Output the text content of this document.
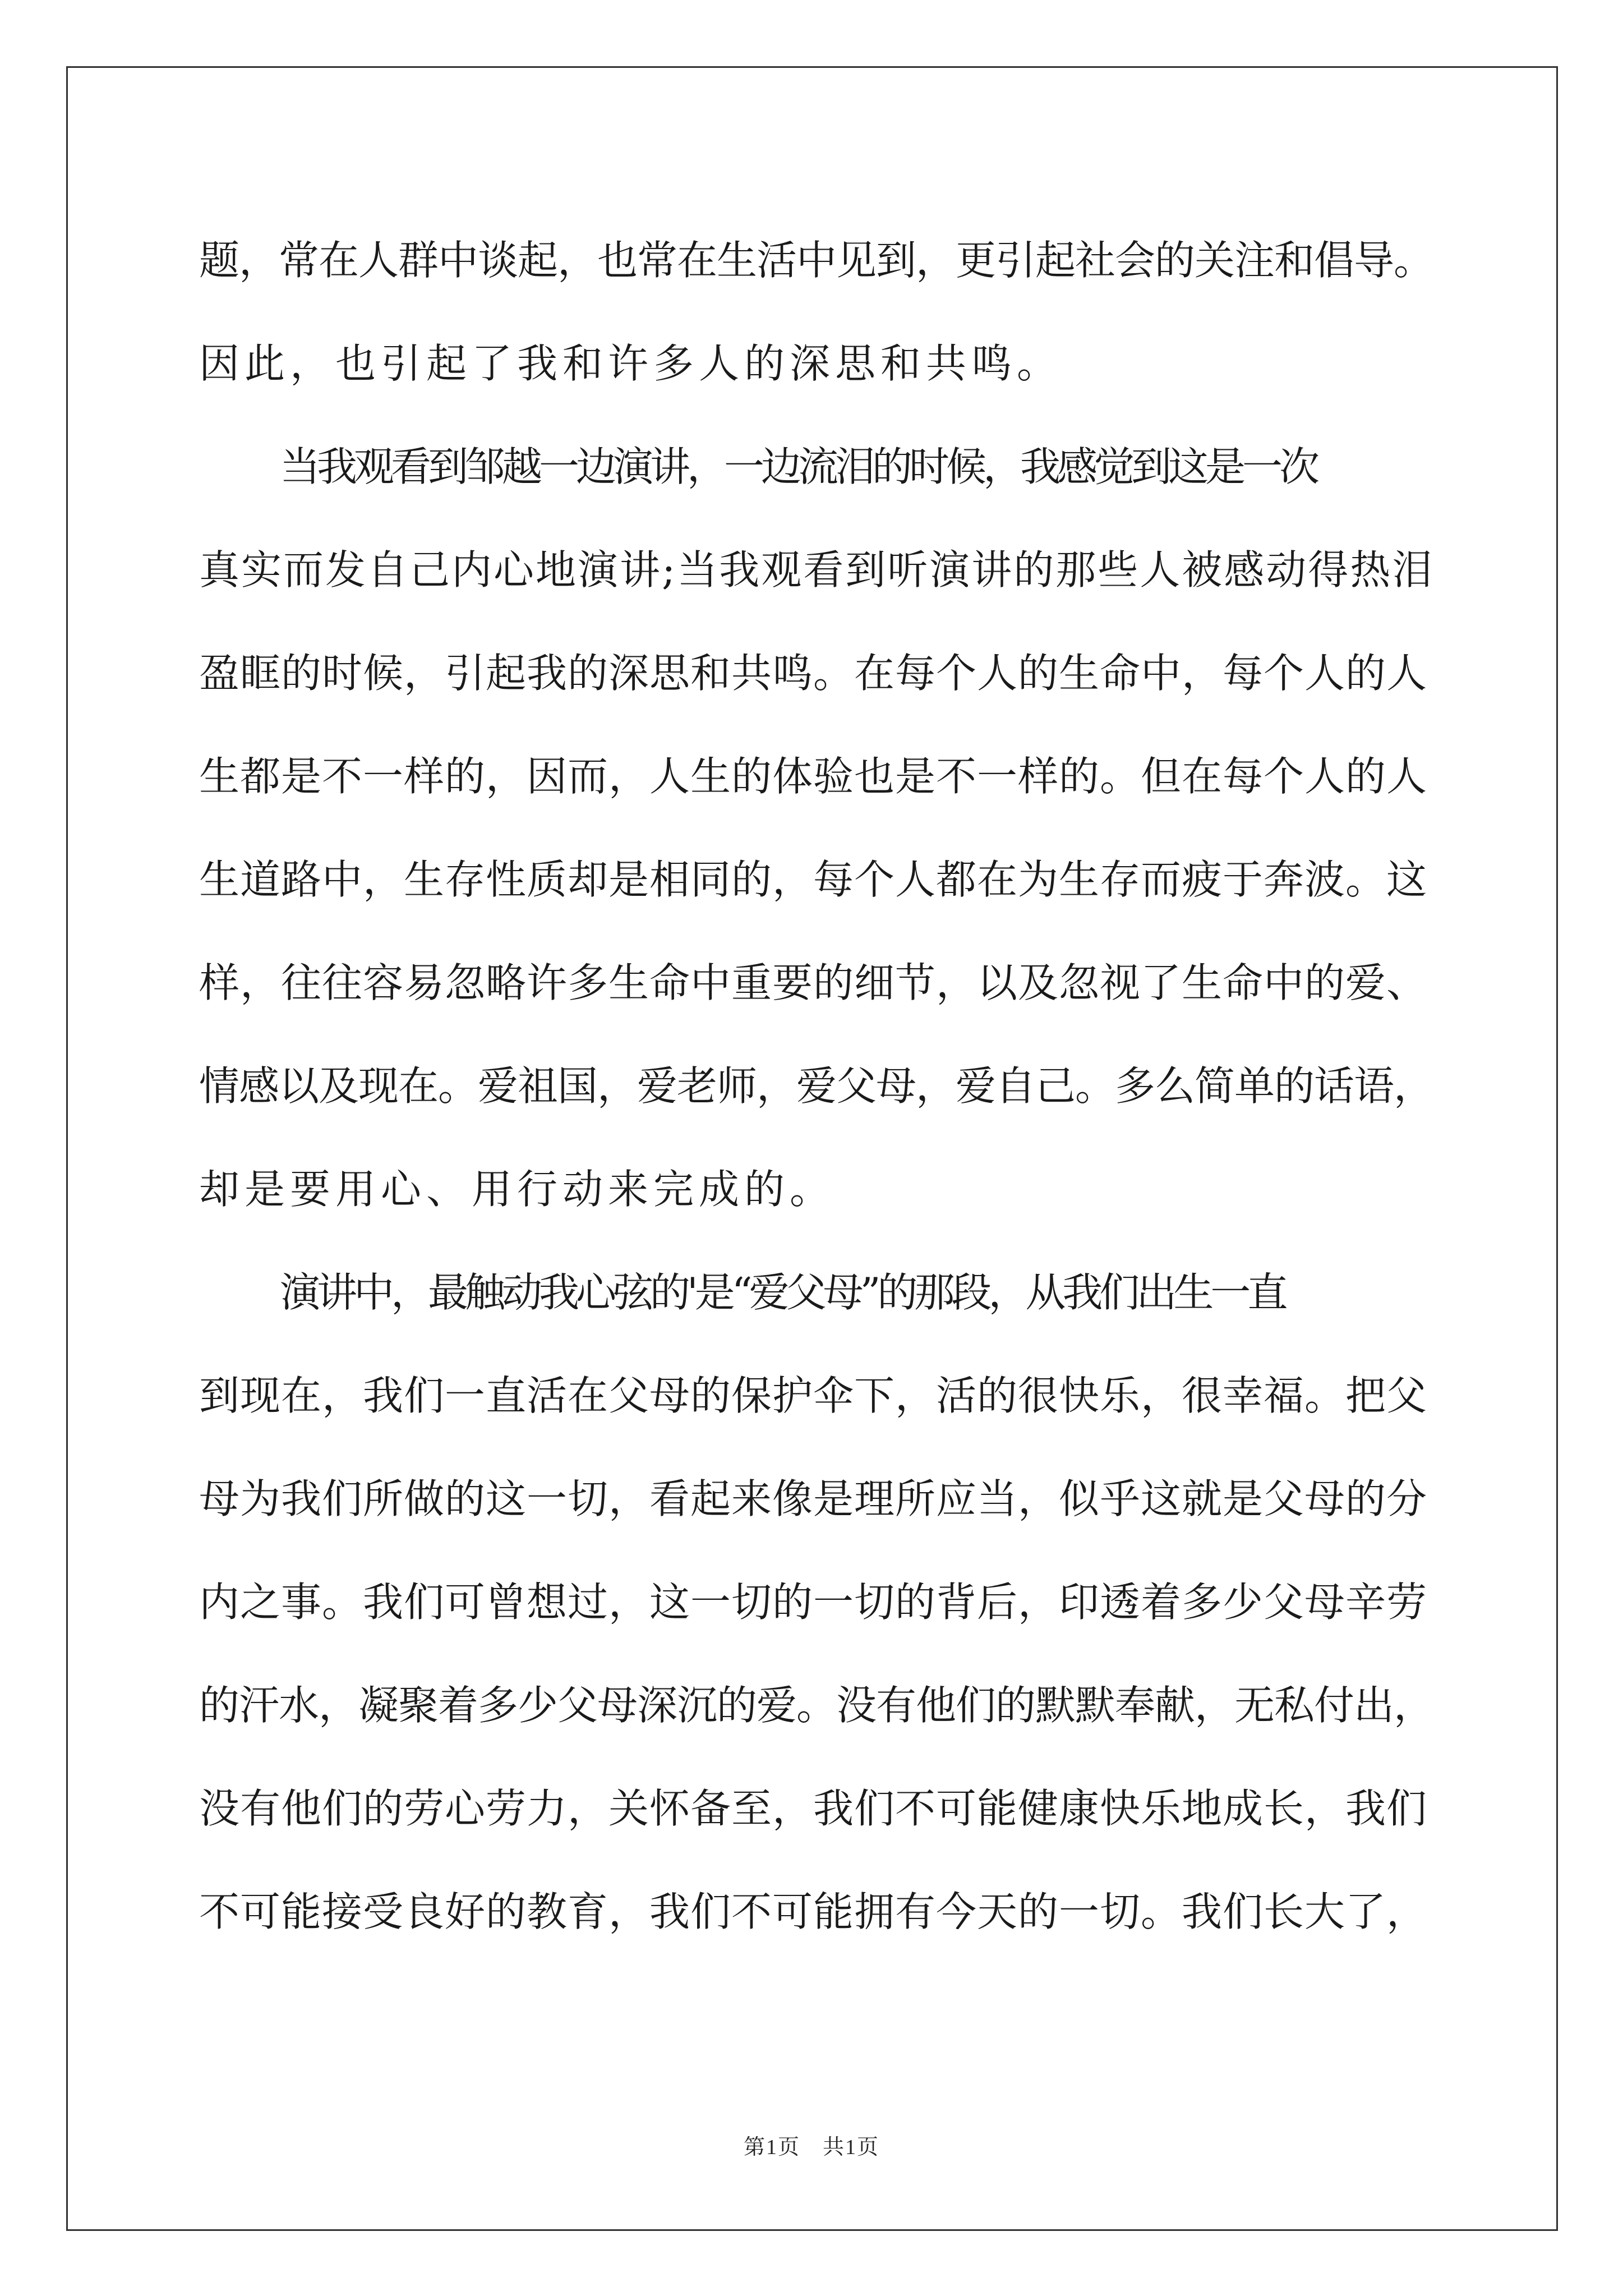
题，常在人群中谈起，也常在生活中见到，更引起社会的关注和倡导。
因此，也引起了我和许多人的深思和共鸣。
当我观看到邹越一边演讲，一边流泪的时候，我感觉到这是一次
真实而发自己内心地演讲;当我观看到听演讲的那些人被感动得热泪
盈眶的时候，引起我的深思和共鸣。在每个人的生命中，每个人的人
生都是不一样的，因而，人生的体验也是不一样的。但在每个人的人
生道路中，生存性质却是相同的，每个人都在为生存而疲于奔波。这
样，往往容易忽略许多生命中重要的细节，以及忽视了生命中的爱、
情感以及现在。爱祖国，爱老师，爱父母，爱自己。多么简单的话语，
却是要用心、用行动来完成的。
演讲中，最触动我心弦的'是“爱父母”的那段，从我们出生一直
到现在，我们一直活在父母的保护伞下，活的很快乐，很幸福。把父
母为我们所做的这一切，看起来像是理所应当，似乎这就是父母的分
内之事。我们可曾想过，这一切的一切的背后，印透着多少父母辛劳
的汗水，凝聚着多少父母深沉的爱。没有他们的默默奉献，无私付出，
没有他们的劳心劳力，关怀备至，我们不可能健康快乐地成长，我们
不可能接受良好的教育，我们不可能拥有今天的一切。我们长大了，
第1页　共1页
